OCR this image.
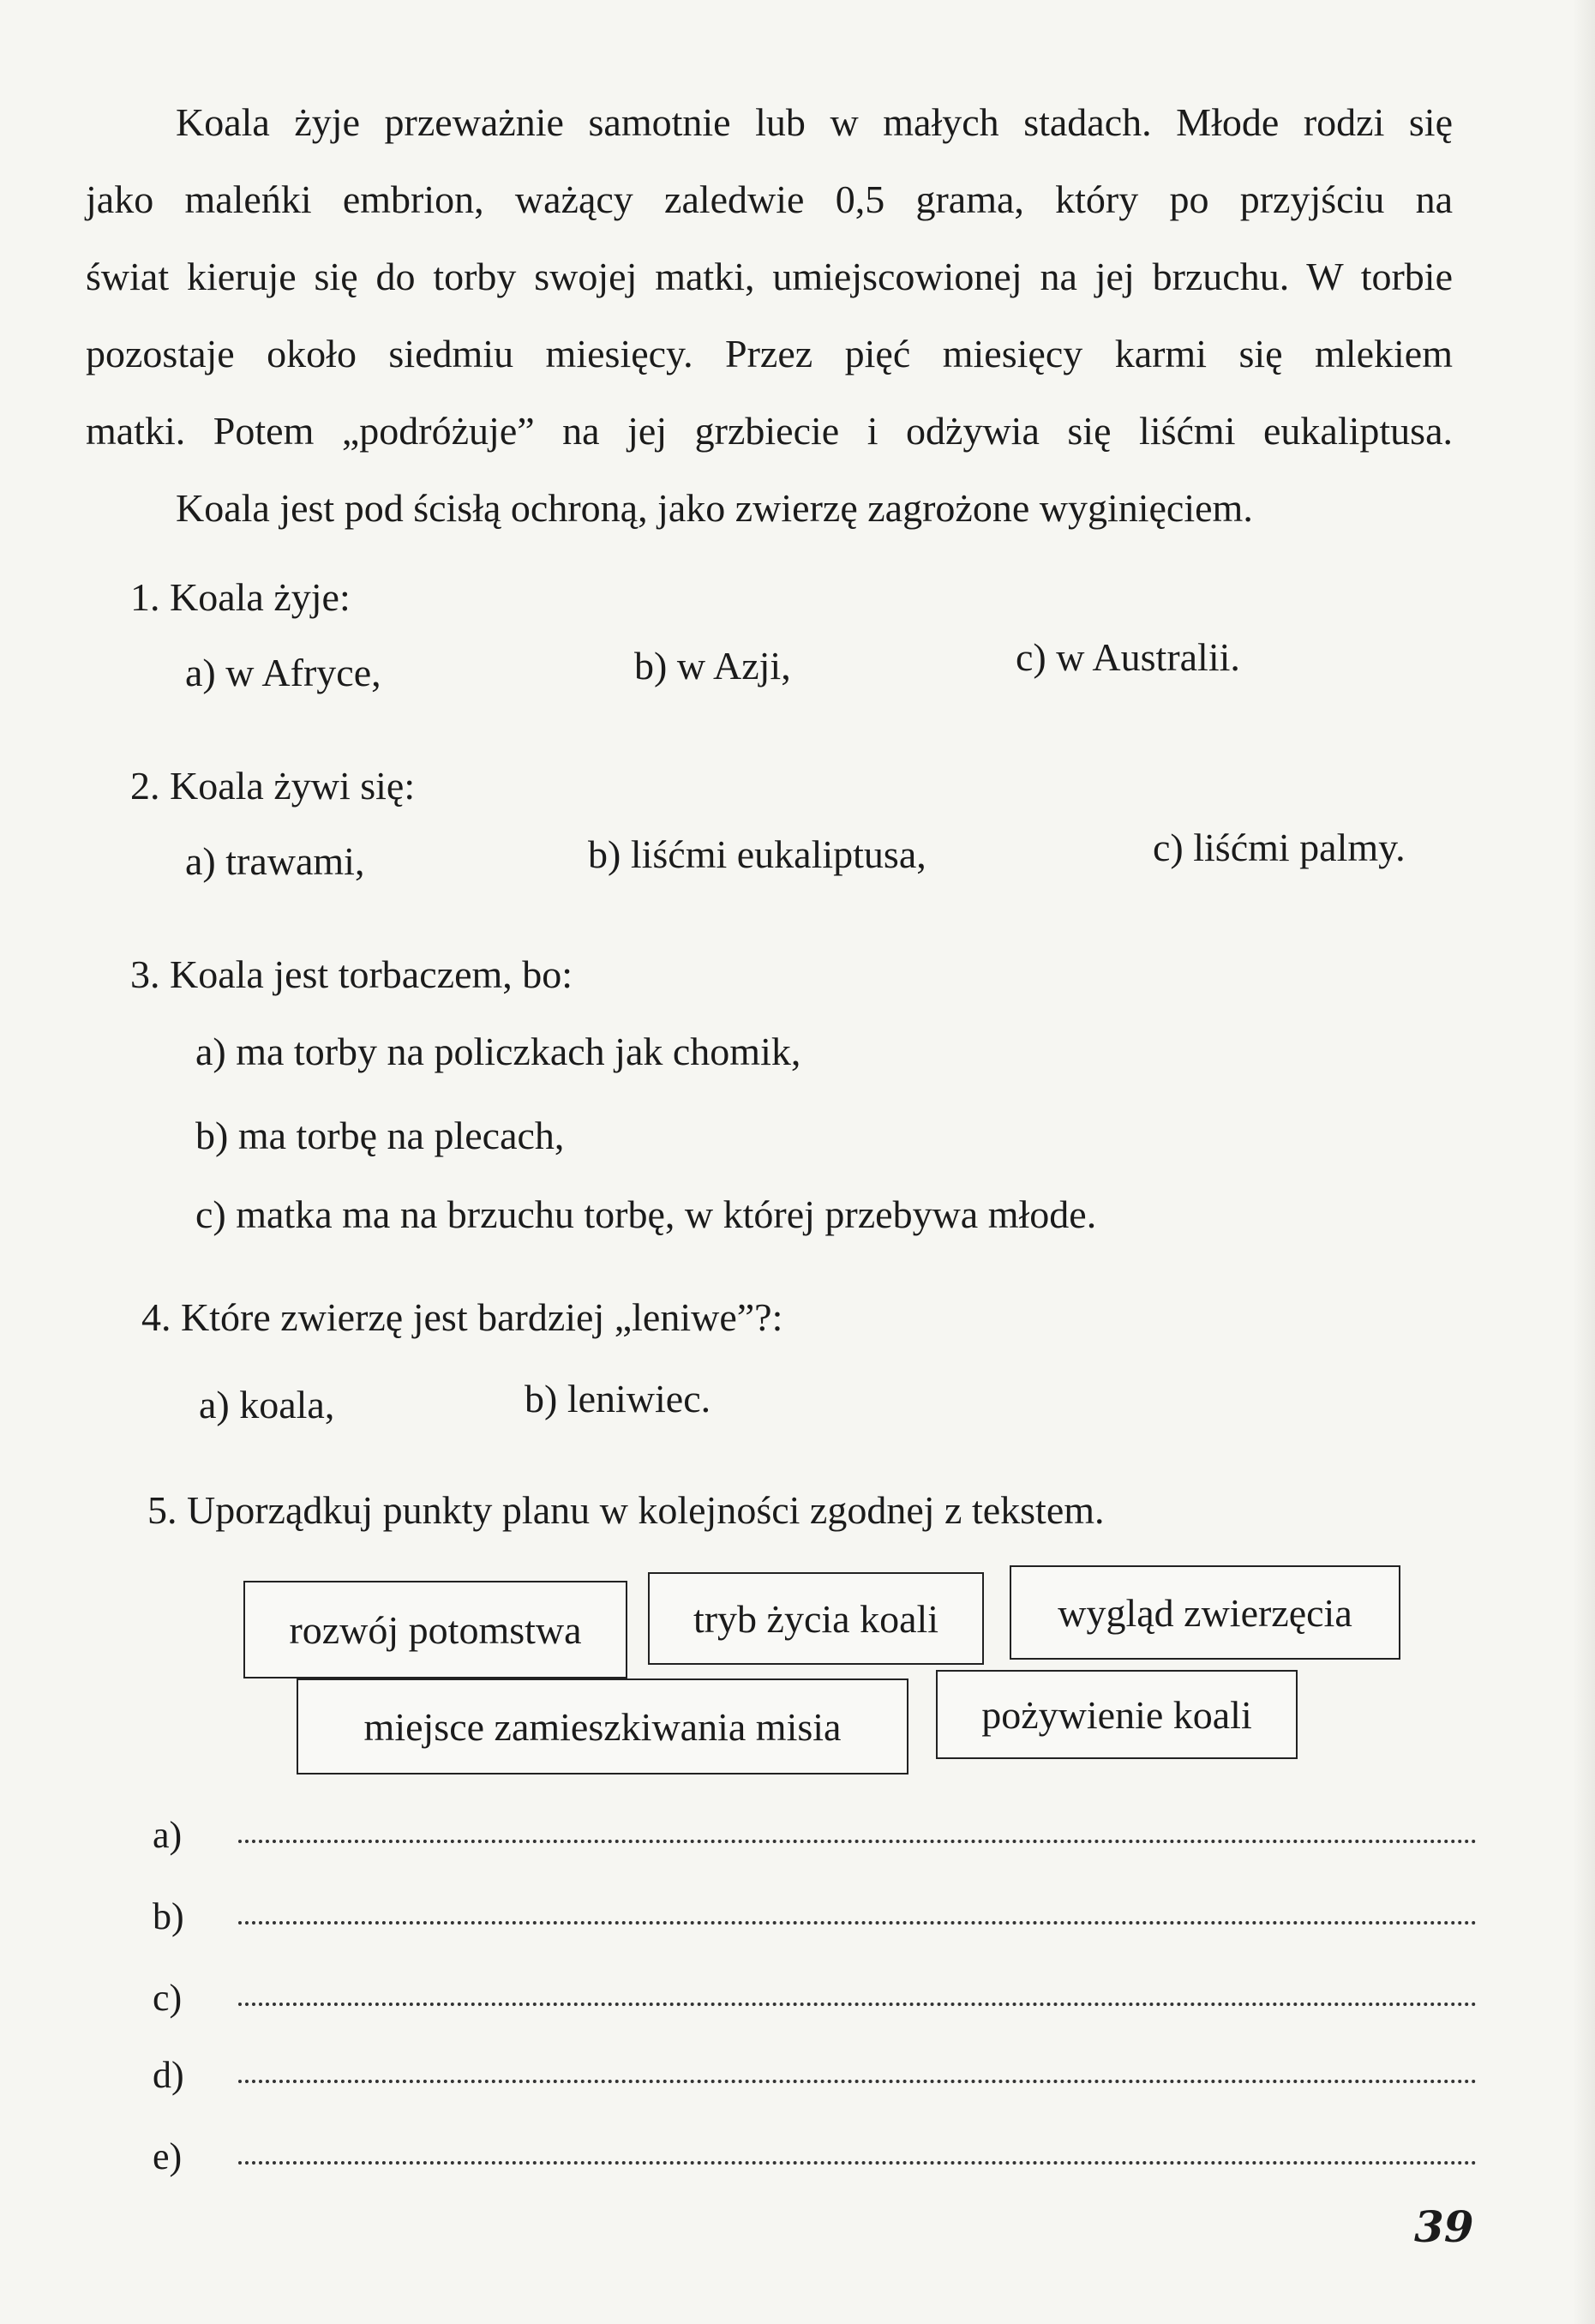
Koala żyje przeważnie samotnie lub w małych stadach. Młode rodzi się
jako maleńki embrion, ważący zaledwie 0,5 grama, który po przyjściu na
świat kieruje się do torby swojej matki, umiejscowionej na jej brzuchu. W torbie
pozostaje około siedmiu miesięcy. Przez pięć miesięcy karmi się mlekiem
matki. Potem „podróżuje” na jej grzbiecie i odżywia się liśćmi eukaliptusa.
Koala jest pod ścisłą ochroną, jako zwierzę zagrożone wyginięciem.
1. Koala żyje:
a) w Afryce,	b) w Azji,	c) w Australii.
2. Koala żywi się:
a) trawami,	b) liśćmi eukaliptusa,	c) liśćmi palmy.
3. Koala jest torbaczem, bo:
a) ma torby na policzkach jak chomik,
b) ma torbę na plecach,
c) matka ma na brzuchu torbę, w której przebywa młode.
4. Które zwierzę jest bardziej „leniwe”?:
a) koala,	b) leniwiec.
5. Uporządkuj punkty planu w kolejności zgodnej z tekstem.
rozwój potomstwa	tryb życia koali	wygląd zwierzęcia
miejsce zamieszkiwania misia	pożywienie koali
a)
b)
c)
d)
e)
39
